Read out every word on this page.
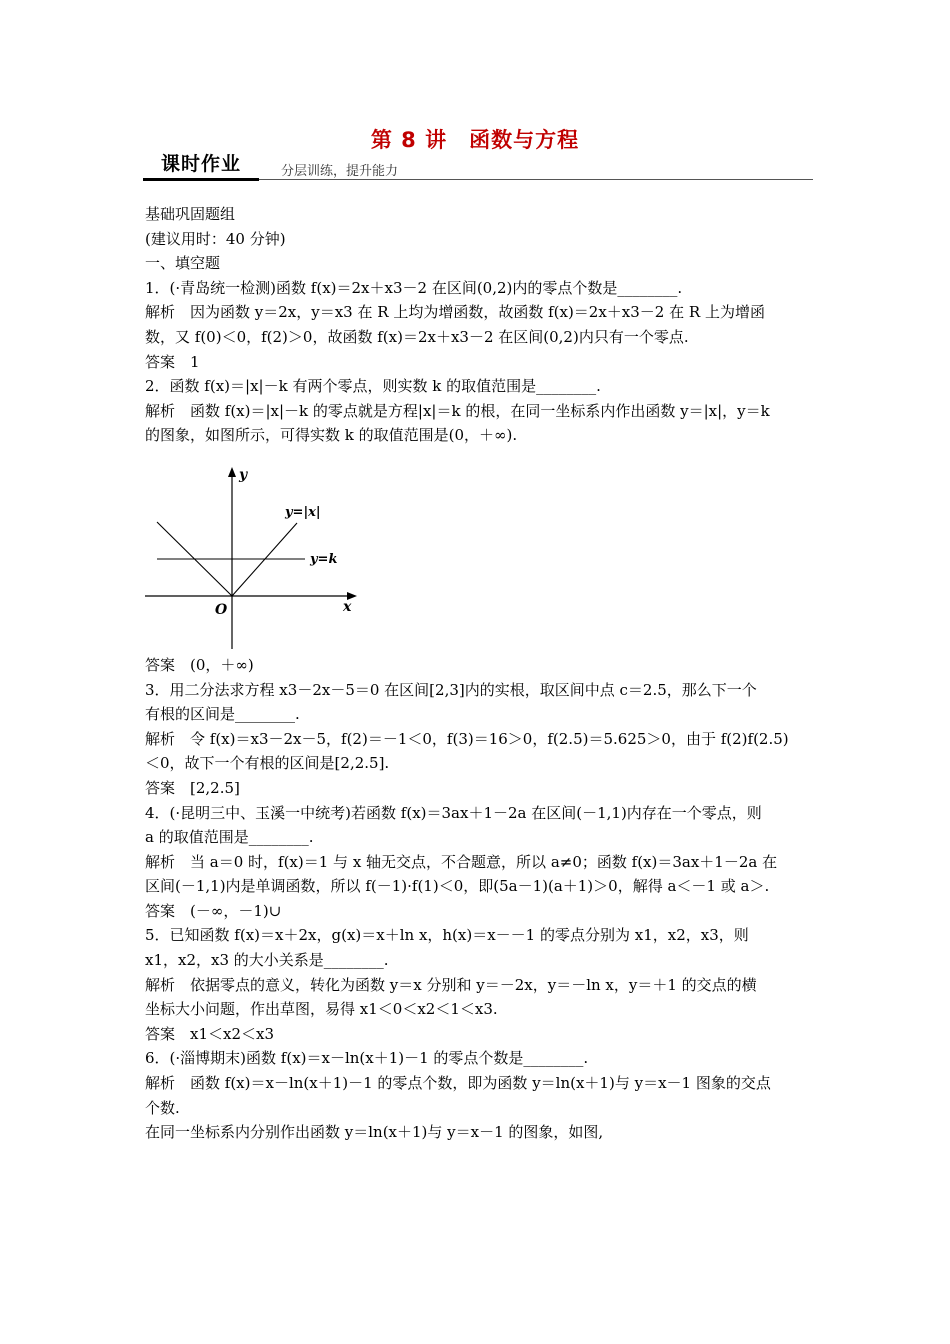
第 8 讲　函数与方程
课时作业	分层训练，提升能力

基础巩固题组

(建议用时：40 分钟)

一、填空题

1．(·青岛统一检测)函数 f(x)＝2x＋x3－2 在区间(0,2)内的零点个数是________.

解析　因为函数 y＝2x，y＝x3 在 R 上均为增函数，故函数 f(x)＝2x＋x3－2 在 R 上为增函

数，又 f(0)＜0，f(2)＞0，故函数 f(x)＝2x＋x3－2 在区间(0,2)内只有一个零点.

答案　1

2．函数 f(x)＝|x|－k 有两个零点，则实数 k 的取值范围是________.

解析　函数 f(x)＝|x|－k 的零点就是方程|x|＝k 的根，在同一坐标系内作出函数 y＝|x|，y＝k

的图象，如图所示，可得实数 k 的取值范围是(0，＋∞).

y
x
O
y=|x|
y=k

答案　(0，＋∞)

3．用二分法求方程 x3－2x－5＝0 在区间[2,3]内的实根，取区间中点 c＝2.5，那么下一个

有根的区间是________.

解析　令 f(x)＝x3－2x－5，f(2)＝－1＜0，f(3)＝16＞0，f(2.5)＝5.625＞0，由于 f(2)f(2.5)

＜0，故下一个有根的区间是[2,2.5].

答案　[2,2.5]

4．(·昆明三中、玉溪一中统考)若函数 f(x)＝3ax＋1－2a 在区间(－1,1)内存在一个零点，则

a 的取值范围是________.

解析　当 a＝0 时，f(x)＝1 与 x 轴无交点，不合题意，所以 a≠0；函数 f(x)＝3ax＋1－2a 在

区间(－1,1)内是单调函数，所以 f(－1)·f(1)＜0，即(5a－1)(a＋1)＞0，解得 a＜－1 或 a＞.

答案　(－∞，－1)∪

5．已知函数 f(x)＝x＋2x，g(x)＝x＋ln x，h(x)＝x－－1 的零点分别为 x1，x2，x3，则

x1，x2，x3 的大小关系是________.

解析　依据零点的意义，转化为函数 y＝x 分别和 y＝－2x，y＝－ln x，y＝＋1 的交点的横

坐标大小问题，作出草图，易得 x1＜0＜x2＜1＜x3.

答案　x1＜x2＜x3

6．(·淄博期末)函数 f(x)＝x－ln(x＋1)－1 的零点个数是________.

解析　函数 f(x)＝x－ln(x＋1)－1 的零点个数，即为函数 y＝ln(x＋1)与 y＝x－1 图象的交点

个数.

在同一坐标系内分别作出函数 y＝ln(x＋1)与 y＝x－1 的图象，如图,
